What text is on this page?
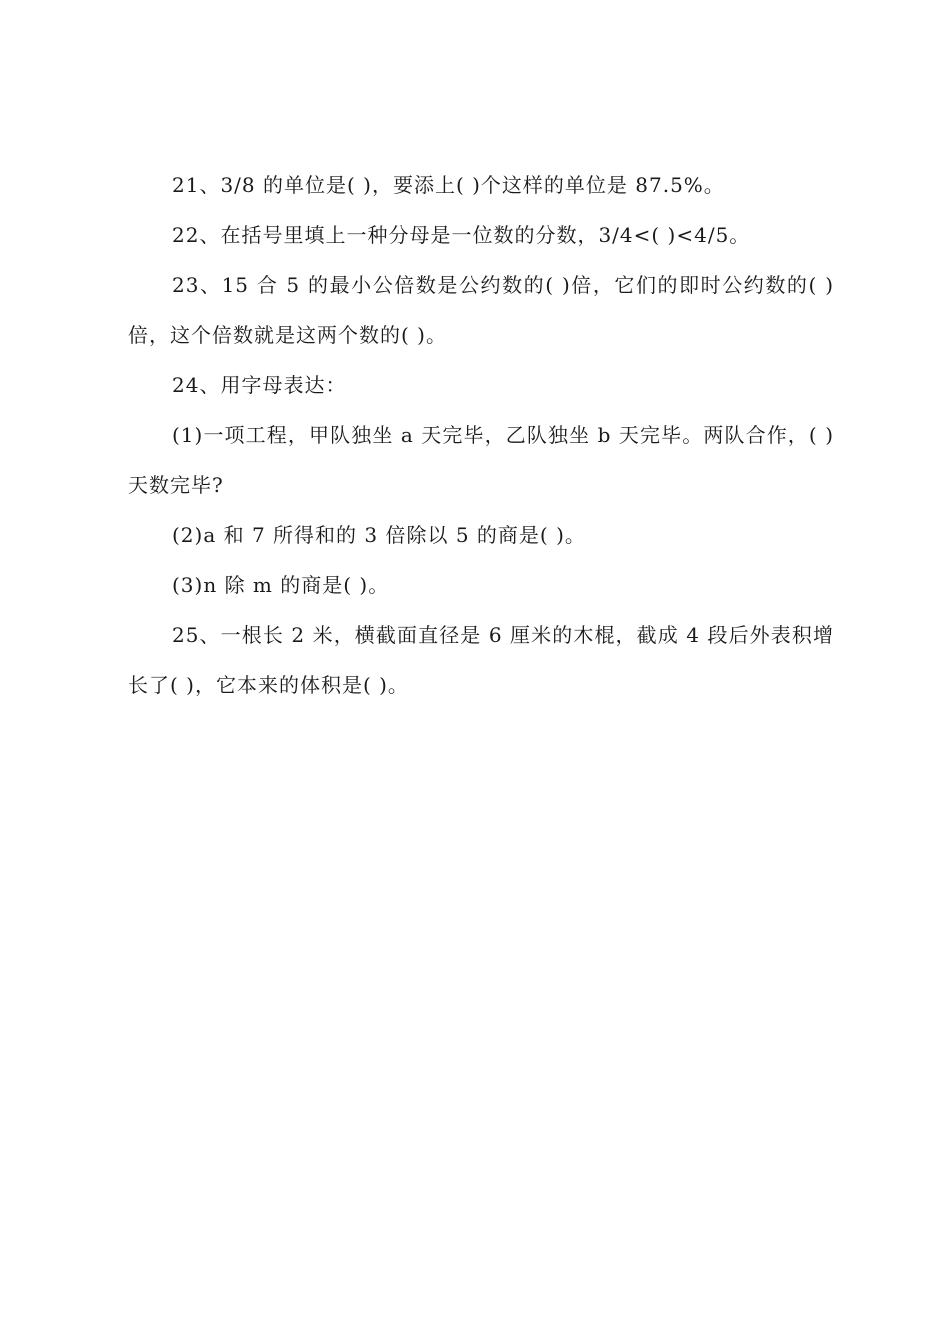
21、3/8 的单位是( )，要添上( )个这样的单位是 87.5%。

22、在括号里填上一种分母是一位数的分数，3/4<( )<4/5。

23、15 合 5 的最小公倍数是公约数的( )倍，它们的即时公约数的( )倍，这个倍数就是这两个数的( )。

24、用字母表达：

(1)一项工程，甲队独坐 a 天完毕，乙队独坐 b 天完毕。两队合作，( )天数完毕?

(2)a 和 7 所得和的 3 倍除以 5 的商是( )。

(3)n 除 m 的商是( )。

25、一根长 2 米，横截面直径是 6 厘米的木棍，截成 4 段后外表积增长了( )，它本来的体积是( )。
